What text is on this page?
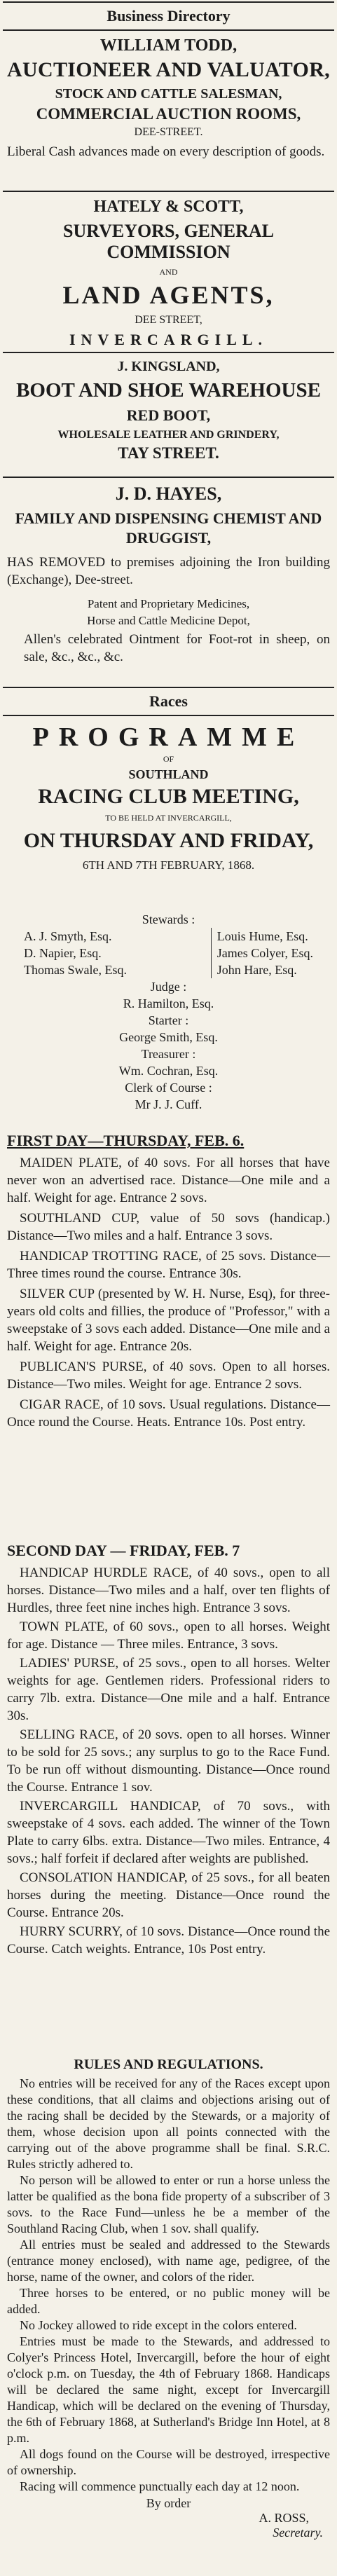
Business Directory
WILLIAM TODD,
AUCTIONEER AND VALUATOR,
STOCK AND CATTLE SALESMAN,
COMMERCIAL AUCTION ROOMS,
DEE-STREET.
Liberal Cash advances made on every description of goods.
HATELY & SCOTT,
SURVEYORS, GENERAL COMMISSION
AND
LAND AGENTS,
DEE STREET,
INVERCARGILL.
J. KINGSLAND,
BOOT AND SHOE WAREHOUSE
RED BOOT,
WHOLESALE LEATHER AND GRINDERY,
TAY STREET.
J. D. HAYES,
FAMILY AND DISPENSING CHEMIST AND DRUGGIST,
HAS REMOVED to premises adjoining the Iron building (Exchange), Dee-street.
Patent and Proprietary Medicines,
Horse and Cattle Medicine Depot,
Allen's celebrated Ointment for Foot-rot in sheep, on sale, &c., &c., &c.
Races
PROGRAMME
OF
SOUTHLAND
RACING CLUB MEETING,
TO BE HELD AT INVERCARGILL,
ON THURSDAY AND FRIDAY,
6TH AND 7TH FEBRUARY, 1868.
Stewards :
A. J. Smyth, Esq.
D. Napier, Esq.
Thomas Swale, Esq.
Louis Hume, Esq.
James Colyer, Esq.
John Hare, Esq.
Judge :
R. Hamilton, Esq.
Starter :
George Smith, Esq.
Treasurer :
Wm. Cochran, Esq.
Clerk of Course :
Mr J. J. Cuff.
FIRST DAY—THURSDAY, FEB. 6.
MAIDEN PLATE, of 40 sovs. For all horses that have never won an advertised race. Distance—One mile and a half. Weight for age. Entrance 2 sovs.
SOUTHLAND CUP, value of 50 sovs (handicap.) Distance—Two miles and a half. Entrance 3 sovs.
HANDICAP TROTTING RACE, of 25 sovs. Distance—Three times round the course. Entrance 30s.
SILVER CUP (presented by W. H. Nurse, Esq), for three-years old colts and fillies, the produce of "Professor," with a sweepstake of 3 sovs each added. Distance—One mile and a half. Weight for age. Entrance 20s.
PUBLICAN'S PURSE, of 40 sovs. Open to all horses. Distance—Two miles. Weight for age. Entrance 2 sovs.
CIGAR RACE, of 10 sovs. Usual regulations. Distance—Once round the Course. Heats. Entrance 10s. Post entry.
SECOND DAY — FRIDAY, FEB. 7
HANDICAP HURDLE RACE, of 40 sovs., open to all horses. Distance—Two miles and a half, over ten flights of Hurdles, three feet nine inches high. Entrance 3 sovs.
TOWN PLATE, of 60 sovs., open to all horses. Weight for age. Distance — Three miles. Entrance, 3 sovs.
LADIES' PURSE, of 25 sovs., open to all horses. Welter weights for age. Gentlemen riders. Professional riders to carry 7lb. extra. Distance—One mile and a half. Entrance 30s.
SELLING RACE, of 20 sovs. open to all horses. Winner to be sold for 25 sovs.; any surplus to go to the Race Fund. To be run off without dismounting. Distance—Once round the Course. Entrance 1 sov.
INVERCARGILL HANDICAP, of 70 sovs., with sweepstake of 4 sovs. each added. The winner of the Town Plate to carry 6lbs. extra. Distance—Two miles. Entrance, 4 sovs.; half forfeit if declared after weights are published.
CONSOLATION HANDICAP, of 25 sovs., for all beaten horses during the meeting. Distance—Once round the Course. Entrance 20s.
HURRY SCURRY, of 10 sovs. Distance—Once round the Course. Catch weights. Entrance, 10s Post entry.
RULES AND REGULATIONS.
No entries will be received for any of the Races except upon these conditions, that all claims and objections arising out of the racing shall be decided by the Stewards, or a majority of them, whose decision upon all points connected with the carrying out of the above programme shall be final. S.R.C. Rules strictly adhered to.
No person will be allowed to enter or run a horse unless the latter be qualified as the bona fide property of a subscriber of 3 sovs. to the Race Fund—unless he be a member of the Southland Racing Club, when 1 sov. shall qualify.
All entries must be sealed and addressed to the Stewards (entrance money enclosed), with name age, pedigree, of the horse, name of the owner, and colors of the rider.
Three horses to be entered, or no public money will be added.
No Jockey allowed to ride except in the colors entered.
Entries must be made to the Stewards, and addressed to Colyer's Princess Hotel, Invercargill, before the hour of eight o'clock p.m. on Tuesday, the 4th of February 1868. Handicaps will be declared the same night, except for Invercargill Handicap, which will be declared on the evening of Thursday, the 6th of February 1868, at Sutherland's Bridge Inn Hotel, at 8 p.m.
All dogs found on the Course will be destroyed, irrespective of ownership.
Racing will commence punctually each day at 12 noon.
By order
A. ROSS,
Secretary.
